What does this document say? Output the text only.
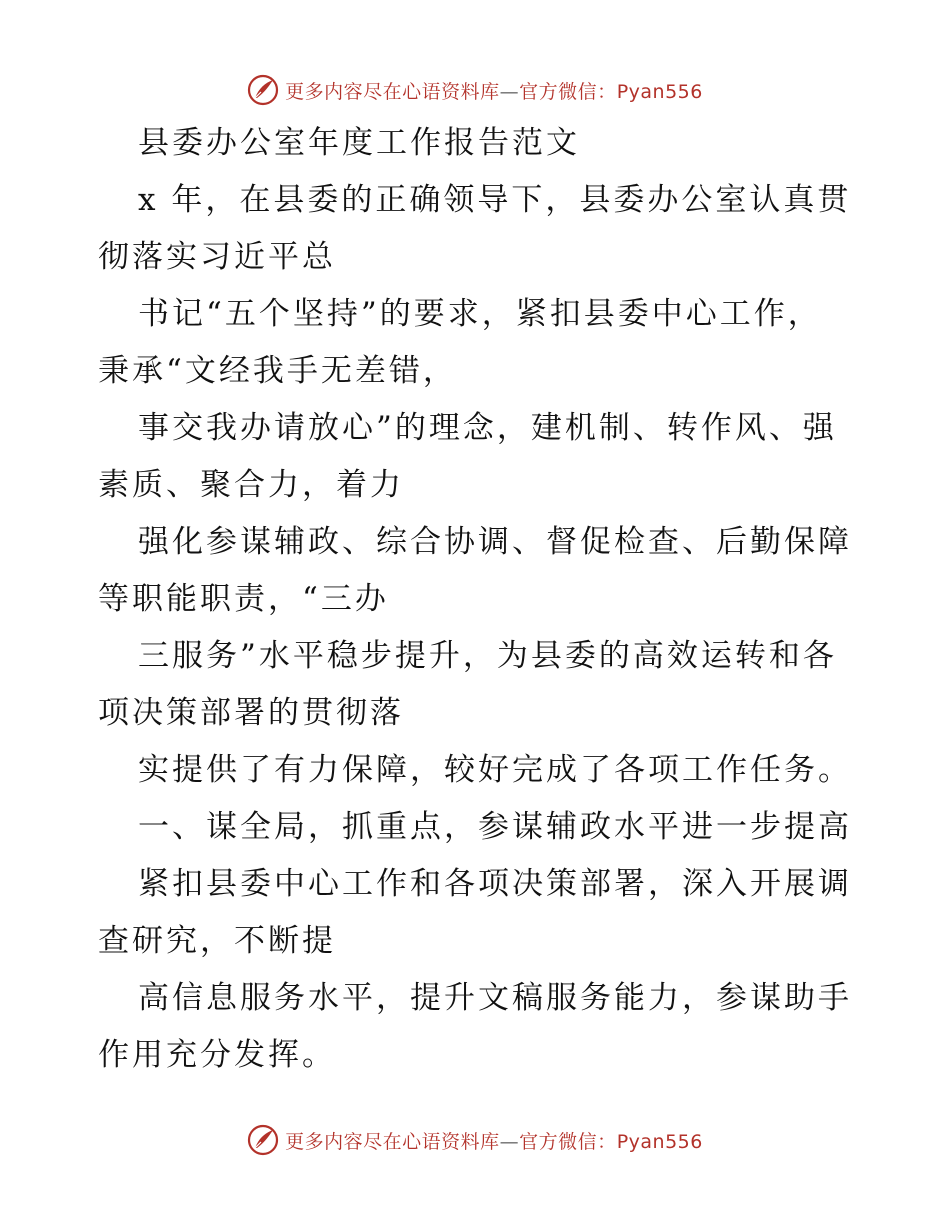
更多内容尽在心语资料库—官方微信：Pyan556

县委办公室年度工作报告范文

x 年，在县委的正确领导下，县委办公室认真贯
彻落实习近平总

书记“五个坚持”的要求，紧扣县委中心工作，
秉承“文经我手无差错，

事交我办请放心”的理念，建机制、转作风、强
素质、聚合力，着力

强化参谋辅政、综合协调、督促检查、后勤保障
等职能职责，“三办

三服务”水平稳步提升，为县委的高效运转和各
项决策部署的贯彻落

实提供了有力保障，较好完成了各项工作任务。

一、谋全局，抓重点，参谋辅政水平进一步提高

紧扣县委中心工作和各项决策部署，深入开展调
查研究，不断提

高信息服务水平，提升文稿服务能力，参谋助手
作用充分发挥。

更多内容尽在心语资料库—官方微信：Pyan556
